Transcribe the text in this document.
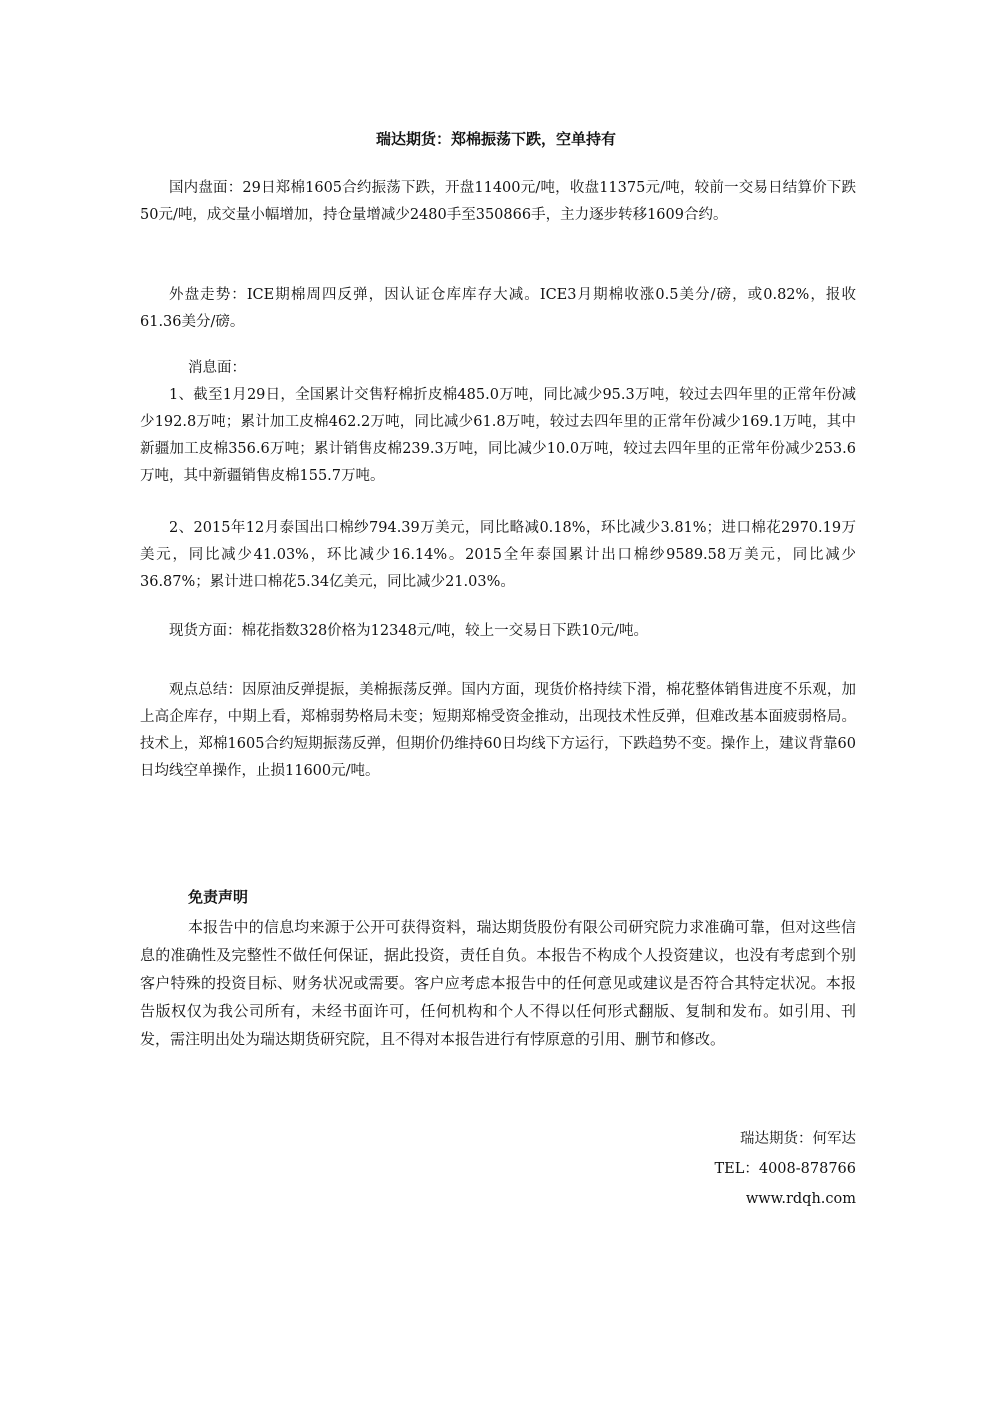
瑞达期货：郑棉振荡下跌，空单持有

国内盘面：29日郑棉1605合约振荡下跌，开盘11400元/吨，收盘11375元/吨，较前一交易日结算价下跌50元/吨，成交量小幅增加，持仓量增减少2480手至350866手，主力逐步转移1609合约。

外盘走势：ICE期棉周四反弹，因认证仓库库存大减。ICE3月期棉收涨0.5美分/磅，或0.82%，报收61.36美分/磅。

消息面：

1、截至1月29日，全国累计交售籽棉折皮棉485.0万吨，同比减少95.3万吨，较过去四年里的正常年份减少192.8万吨；累计加工皮棉462.2万吨，同比减少61.8万吨，较过去四年里的正常年份减少169.1万吨，其中新疆加工皮棉356.6万吨；累计销售皮棉239.3万吨，同比减少10.0万吨，较过去四年里的正常年份减少253.6万吨，其中新疆销售皮棉155.7万吨。

2、2015年12月泰国出口棉纱794.39万美元，同比略减0.18%，环比减少3.81%；进口棉花2970.19万美元，同比减少41.03%，环比减少16.14%。2015全年泰国累计出口棉纱9589.58万美元，同比减少36.87%；累计进口棉花5.34亿美元，同比减少21.03%。

现货方面：棉花指数328价格为12348元/吨，较上一交易日下跌10元/吨。

观点总结：因原油反弹提振，美棉振荡反弹。国内方面，现货价格持续下滑，棉花整体销售进度不乐观，加上高企库存，中期上看，郑棉弱势格局未变；短期郑棉受资金推动，出现技术性反弹，但难改基本面疲弱格局。技术上，郑棉1605合约短期振荡反弹，但期价仍维持60日均线下方运行，下跌趋势不变。操作上，建议背靠60日均线空单操作，止损11600元/吨。

免责声明

本报告中的信息均来源于公开可获得资料，瑞达期货股份有限公司研究院力求准确可靠，但对这些信息的准确性及完整性不做任何保证，据此投资，责任自负。本报告不构成个人投资建议，也没有考虑到个别客户特殊的投资目标、财务状况或需要。客户应考虑本报告中的任何意见或建议是否符合其特定状况。本报告版权仅为我公司所有，未经书面许可，任何机构和个人不得以任何形式翻版、复制和发布。如引用、刊发，需注明出处为瑞达期货研究院，且不得对本报告进行有悖原意的引用、删节和修改。

瑞达期货：何军达
TEL：4008-878766
www.rdqh.com
